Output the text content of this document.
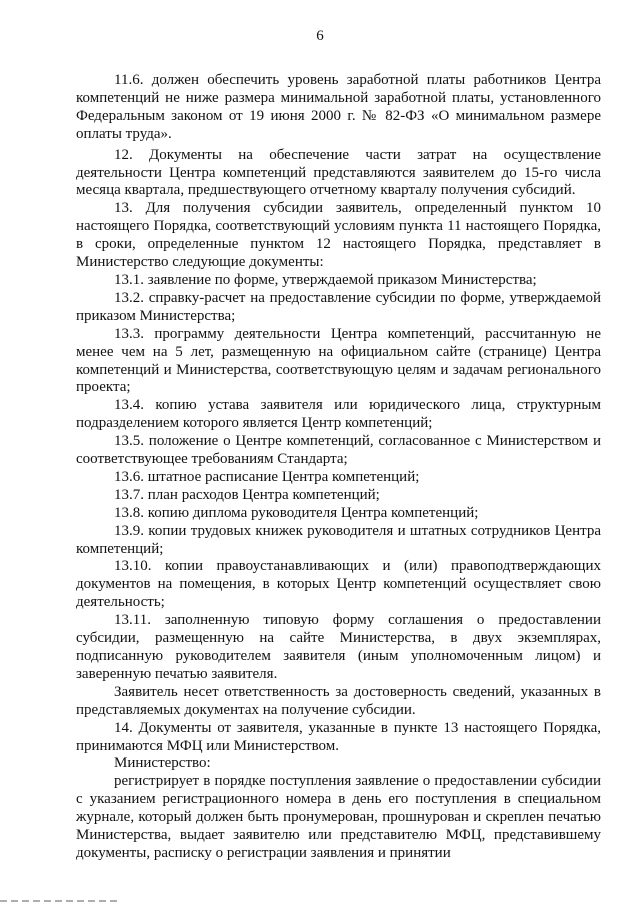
6

11.6. должен обеспечить уровень заработной платы работников Центра компетенций не ниже размера минимальной заработной платы, установленного Федеральным законом от 19 июня 2000 г. № 82-ФЗ «О минимальном размере оплаты труда».

12. Документы на обеспечение части затрат на осуществление деятельности Центра компетенций представляются заявителем до 15-го числа месяца квартала, предшествующего отчетному кварталу получения субсидий.

13. Для получения субсидии заявитель, определенный пунктом 10 настоящего Порядка, соответствующий условиям пункта 11 настоящего Порядка, в сроки, определенные пунктом 12 настоящего Порядка, представляет в Министерство следующие документы:

13.1. заявление по форме, утверждаемой приказом Министерства;

13.2. справку-расчет на предоставление субсидии по форме, утверждаемой приказом Министерства;

13.3. программу деятельности Центра компетенций, рассчитанную не менее чем на 5 лет, размещенную на официальном сайте (странице) Центра компетенций и Министерства, соответствующую целям и задачам регионального проекта;

13.4. копию устава заявителя или юридического лица, структурным подразделением которого является Центр компетенций;

13.5. положение о Центре компетенций, согласованное с Министерством и соответствующее требованиям Стандарта;

13.6. штатное расписание Центра компетенций;

13.7. план расходов Центра компетенций;

13.8. копию диплома руководителя Центра компетенций;

13.9. копии трудовых книжек руководителя и штатных сотрудников Центра компетенций;

13.10. копии правоустанавливающих и (или) правоподтверждающих документов на помещения, в которых Центр компетенций осуществляет свою деятельность;

13.11. заполненную типовую форму соглашения о предоставлении субсидии, размещенную на сайте Министерства, в двух экземплярах, подписанную руководителем заявителя (иным уполномоченным лицом) и заверенную печатью заявителя.

Заявитель несет ответственность за достоверность сведений, указанных в представляемых документах на получение субсидии.

14. Документы от заявителя, указанные в пункте 13 настоящего Порядка, принимаются МФЦ или Министерством.

Министерство:

регистрирует в порядке поступления заявление о предоставлении субсидии с указанием регистрационного номера в день его поступления в специальном журнале, который должен быть пронумерован, прошнурован и скреплен печатью Министерства, выдает заявителю или представителю МФЦ, представившему документы, расписку о регистрации заявления и принятии
